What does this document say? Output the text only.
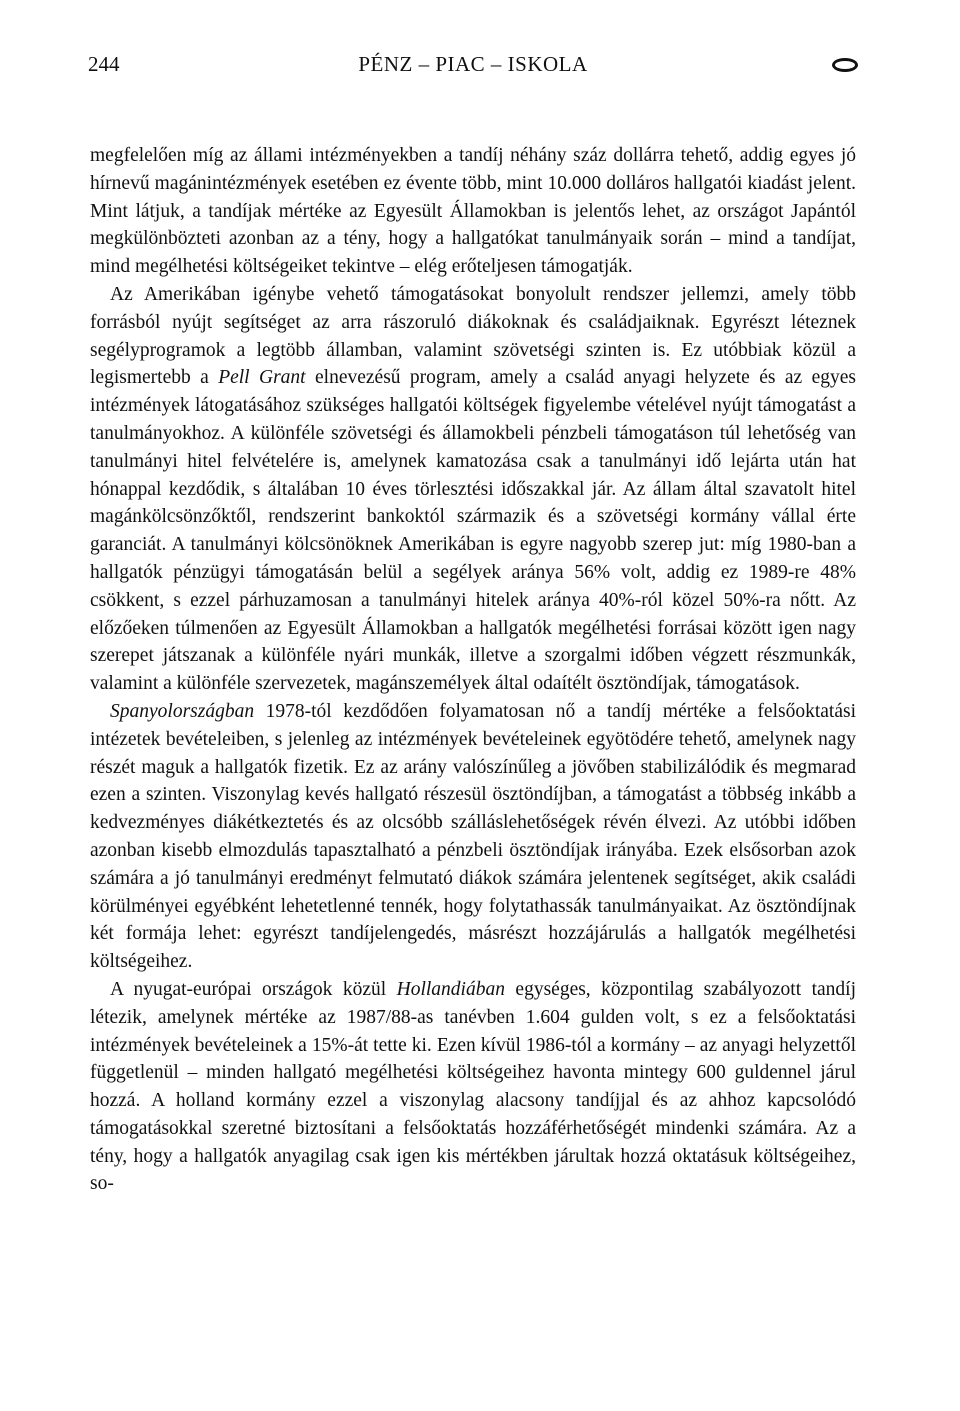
244	PÉNZ – PIAC – ISKOLA

megfelelően míg az állami intézményekben a tandíj néhány száz dollárra tehető, addig egyes jó hírnevű magánintézmények esetében ez évente több, mint 10.000 dolláros hallgatói kiadást jelent. Mint látjuk, a tandíjak mértéke az Egyesült Államokban is jelentős lehet, az országot Japántól megkülönbözteti azonban az a tény, hogy a hallgatókat tanulmányaik során – mind a tandíjat, mind megélhetési költségeiket tekintve – elég erőteljesen támogatják.

Az Amerikában igénybe vehető támogatásokat bonyolult rendszer jellemzi, amely több forrásból nyújt segítséget az arra rászoruló diákoknak és családjaiknak. Egyrészt léteznek segélyprogramok a legtöbb államban, valamint szövetségi szinten is. Ez utóbbiak közül a legismertebb a Pell Grant elnevezésű program, amely a család anyagi helyzete és az egyes intézmények látogatásához szükséges hallgatói költségek figyelembe vételével nyújt támogatást a tanulmányokhoz. A különféle szövetségi és államokbeli pénzbeli támogatáson túl lehetőség van tanulmányi hitel felvételére is, amelynek kamatozása csak a tanulmányi idő lejárta után hat hónappal kezdődik, s általában 10 éves törlesztési időszakkal jár. Az állam által szavatolt hitel magánkölcsönzőktől, rendszerint bankoktól származik és a szövetségi kormány vállal érte garanciát. A tanulmányi kölcsönöknek Amerikában is egyre nagyobb szerep jut: míg 1980-ban a hallgatók pénzügyi támogatásán belül a segélyek aránya 56% volt, addig ez 1989-re 48% csökkent, s ezzel párhuzamosan a tanulmányi hitelek aránya 40%-ról közel 50%-ra nőtt. Az előzőeken túlmenően az Egyesült Államokban a hallgatók megélhetési forrásai között igen nagy szerepet játszanak a különféle nyári munkák, illetve a szorgalmi időben végzett részmunkák, valamint a különféle szervezetek, magánszemélyek által odaítélt ösztöndíjak, támogatások.

Spanyolországban 1978-tól kezdődően folyamatosan nő a tandíj mértéke a felsőoktatási intézetek bevételeiben, s jelenleg az intézmények bevételeinek egyötödére tehető, amelynek nagy részét maguk a hallgatók fizetik. Ez az arány valószínűleg a jövőben stabilizálódik és megmarad ezen a szinten. Viszonylag kevés hallgató részesül ösztöndíjban, a támogatást a többség inkább a kedvezményes diákétkeztetés és az olcsóbb szálláslehetőségek révén élvezi. Az utóbbi időben azonban kisebb elmozdulás tapasztalható a pénzbeli ösztöndíjak irányába. Ezek elsősorban azok számára a jó tanulmányi eredményt felmutató diákok számára jelentenek segítséget, akik családi körülményei egyébként lehetetlenné tennék, hogy folytathassák tanulmányaikat. Az ösztöndíjnak két formája lehet: egyrészt tandíjelengedés, másrészt hozzájárulás a hallgatók megélhetési költségeihez.

A nyugat-európai országok közül Hollandiában egységes, központilag szabályozott tandíj létezik, amelynek mértéke az 1987/88-as tanévben 1.604 gulden volt, s ez a felsőoktatási intézmények bevételeinek a 15%-át tette ki. Ezen kívül 1986-tól a kormány – az anyagi helyzettől függetlenül – minden hallgató megélhetési költségeihez havonta mintegy 600 guldennel járul hozzá. A holland kormány ezzel a viszonylag alacsony tandíjjal és az ahhoz kapcsolódó támogatásokkal szeretné biztosítani a felsőoktatás hozzáférhetőségét mindenki számára. Az a tény, hogy a hallgatók anyagilag csak igen kis mértékben járultak hozzá oktatásuk költségeihez, so-
